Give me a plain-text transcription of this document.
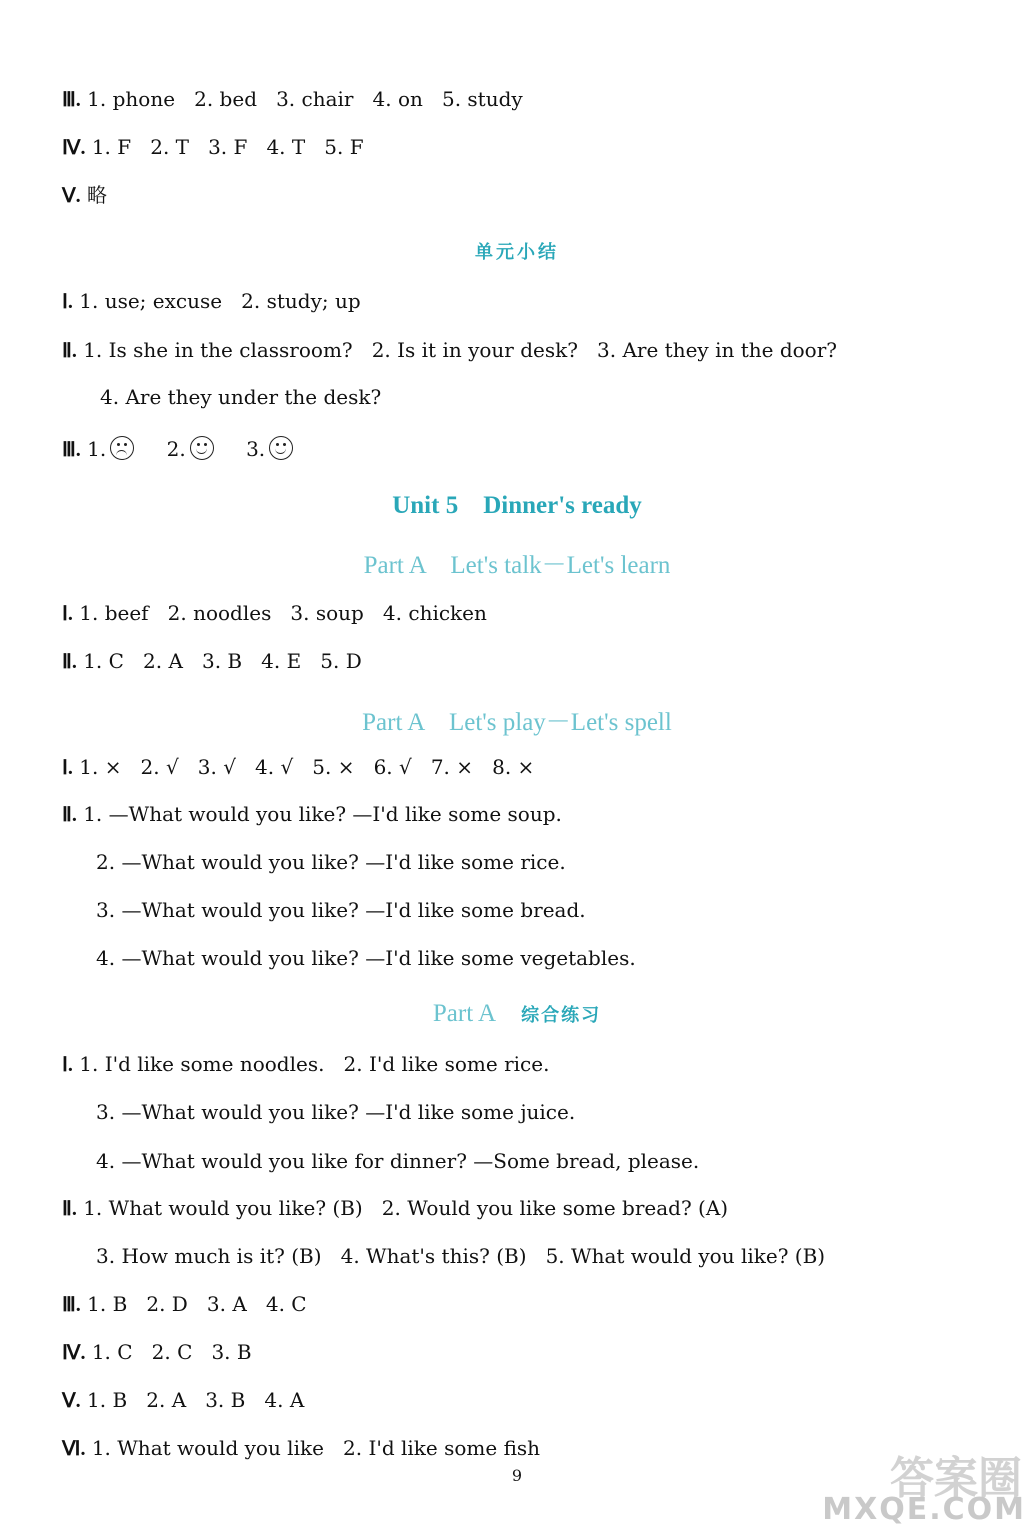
Ⅲ. 1. phone   2. bed   3. chair   4. on   5. study
Ⅳ. 1. F   2. T   3. F   4. T   5. F
Ⅴ. 略
单元小结
Ⅰ. 1. use; excuse   2. study; up
Ⅱ. 1. Is she in the classroom?   2. Is it in your desk?   3. Are they in the door?
4. Are they under the desk?
Ⅲ. 1.	2.	3.
Unit 5    Dinner's ready
Part A    Let's talk－Let's learn
Ⅰ. 1. beef   2. noodles   3. soup   4. chicken
Ⅱ. 1. C   2. A   3. B   4. E   5. D
Part A    Let's play－Let's spell
Ⅰ. 1. ×   2. √   3. √   4. √   5. ×   6. √   7. ×   8. ×
Ⅱ. 1. —What would you like? —I'd like some soup.
2. —What would you like? —I'd like some rice.
3. —What would you like? —I'd like some bread.
4. —What would you like? —I'd like some vegetables.
Part A 综合练习
Ⅰ. 1. I'd like some noodles.   2. I'd like some rice.
3. —What would you like? —I'd like some juice.
4. —What would you like for dinner? —Some bread, please.
Ⅱ. 1. What would you like? (B)   2. Would you like some bread? (A)
3. How much is it? (B)   4. What's this? (B)   5. What would you like? (B)
Ⅲ. 1. B   2. D   3. A   4. C
Ⅳ. 1. C   2. C   3. B
Ⅴ. 1. B   2. A   3. B   4. A
Ⅵ. 1. What would you like   2. I'd like some fish
9	答案圈
MXQE.COM
